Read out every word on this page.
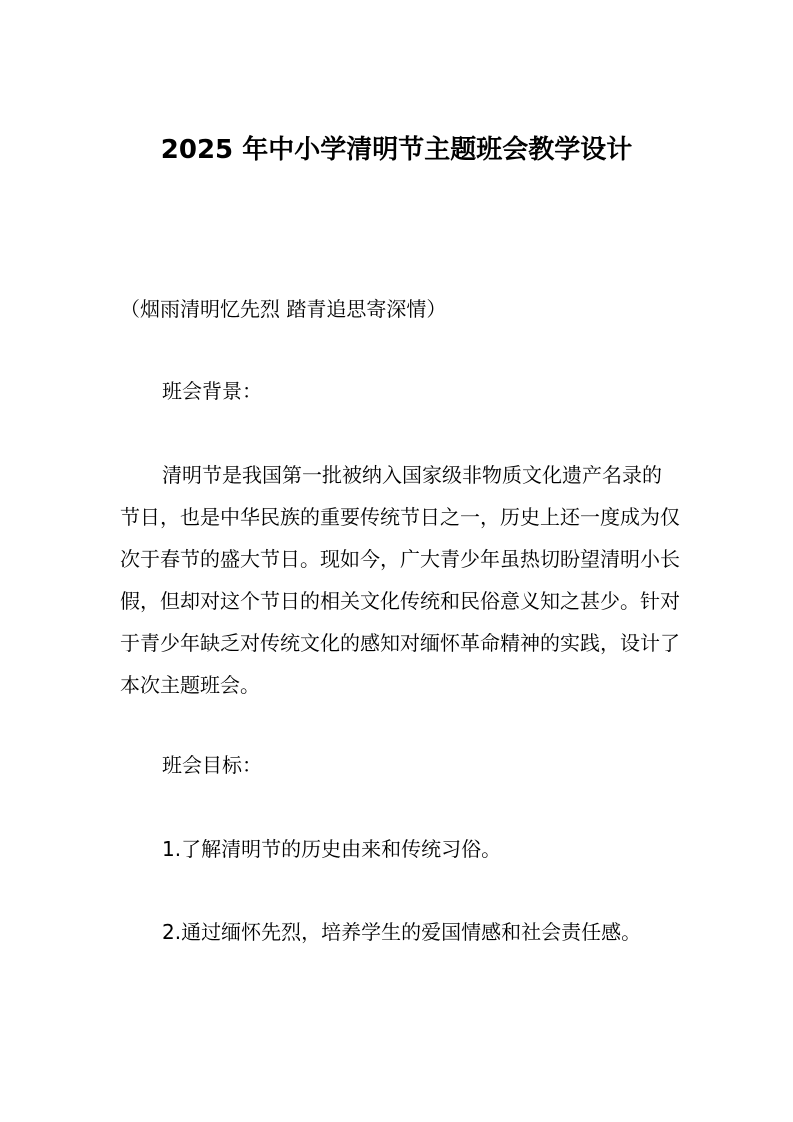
2025 年中小学清明节主题班会教学设计

（烟雨清明忆先烈 踏青追思寄深情）

班会背景：

清明节是我国第一批被纳入国家级非物质文化遗产名录的节日，也是中华民族的重要传统节日之一，历史上还一度成为仅次于春节的盛大节日。现如今，广大青少年虽热切盼望清明小长假，但却对这个节日的相关文化传统和民俗意义知之甚少。针对于青少年缺乏对传统文化的感知对缅怀革命精神的实践，设计了本次主题班会。

班会目标：

1.了解清明节的历史由来和传统习俗。

2.通过缅怀先烈，培养学生的爱国情感和社会责任感。
